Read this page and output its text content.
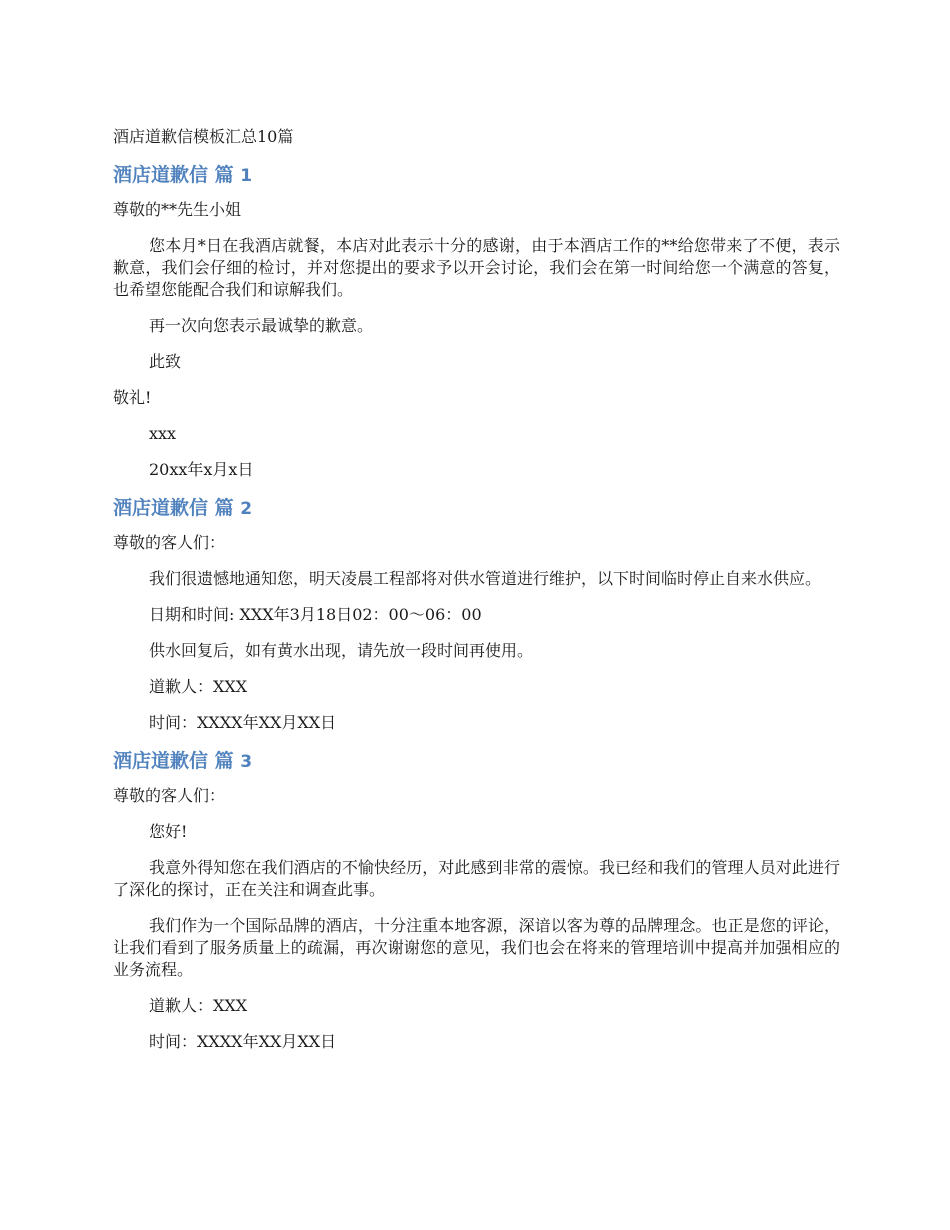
酒店道歉信模板汇总10篇
酒店道歉信 篇 1

尊敬的**先生小姐

您本月*日在我酒店就餐，本店对此表示十分的感谢，由于本酒店工作的**给您带来了不便，表示歉意，我们会仔细的检讨，并对您提出的要求予以开会讨论，我们会在第一时间给您一个满意的答复，也希望您能配合我们和谅解我们。

再一次向您表示最诚挚的歉意。

此致

敬礼!

xxx

20xx年x月x日

酒店道歉信 篇 2

尊敬的客人们：

我们很遗憾地通知您，明天凌晨工程部将对供水管道进行维护，以下时间临时停止自来水供应。

日期和时间: XXX年3月18日02：00～06：00

供水回复后，如有黄水出现，请先放一段时间再使用。

道歉人：XXX

时间：XXXX年XX月XX日

酒店道歉信 篇 3

尊敬的客人们：

您好!

我意外得知您在我们酒店的不愉快经历，对此感到非常的震惊。我已经和我们的管理人员对此进行了深化的探讨，正在关注和调查此事。

我们作为一个国际品牌的酒店，十分注重本地客源，深谙以客为尊的品牌理念。也正是您的评论，让我们看到了服务质量上的疏漏，再次谢谢您的意见，我们也会在将来的管理培训中提高并加强相应的业务流程。

道歉人：XXX

时间：XXXX年XX月XX日
